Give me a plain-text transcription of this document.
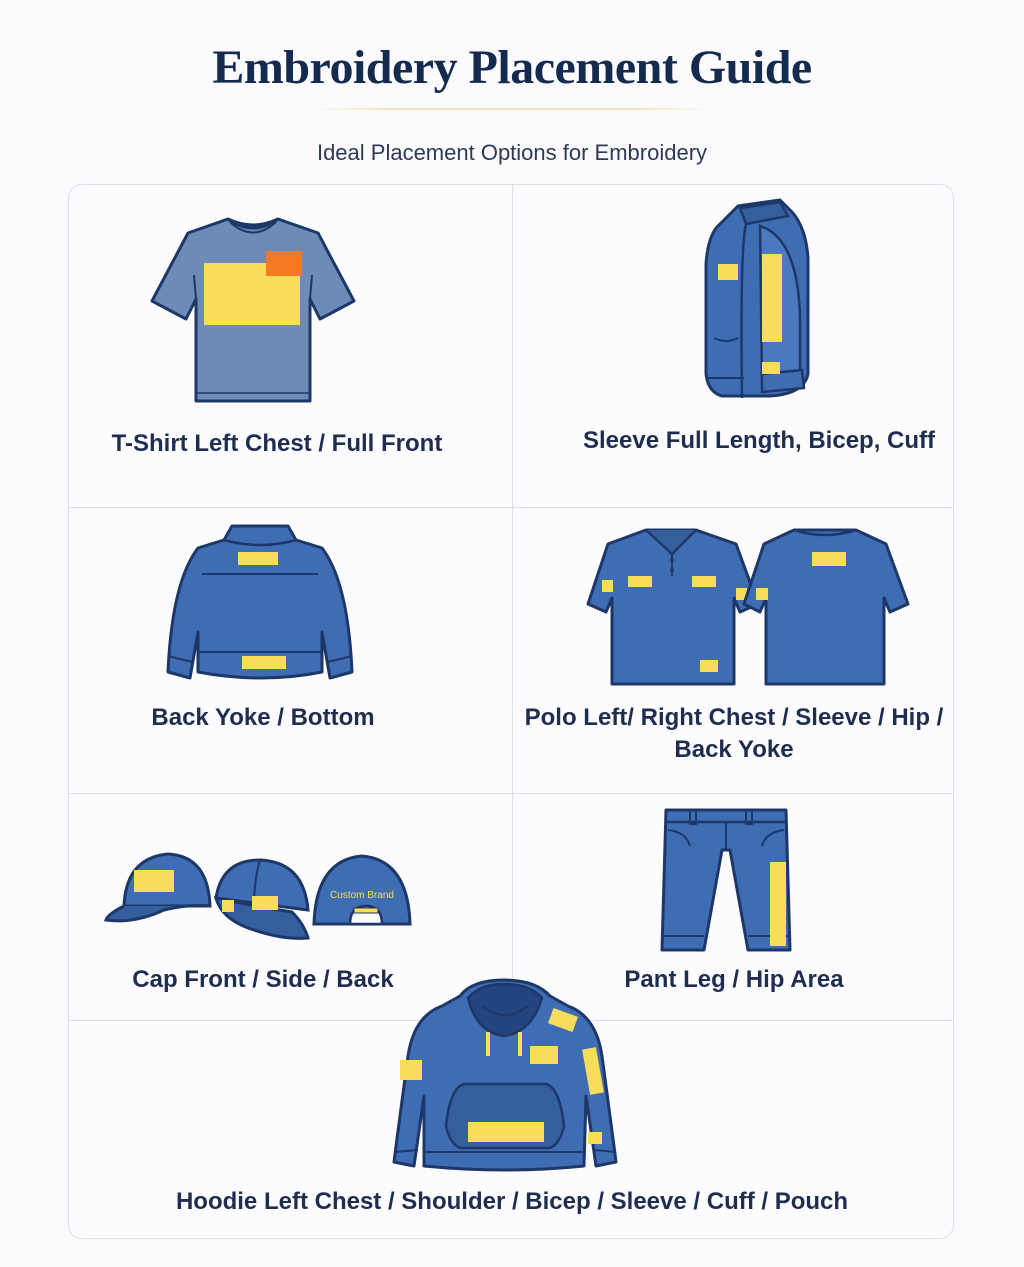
Embroidery Placement Guide
Ideal Placement Options for Embroidery
T-Shirt Left Chest / Full Front	Sleeve Full Length, Bicep, Cuff
Back Yoke / Bottom	Polo Left/ Right Chest / Sleeve / Hip /
Back Yoke
Custom Brand
Cap Front / Side / Back	Pant Leg / Hip Area
Hoodie Left Chest / Shoulder / Bicep / Sleeve / Cuff / Pouch
